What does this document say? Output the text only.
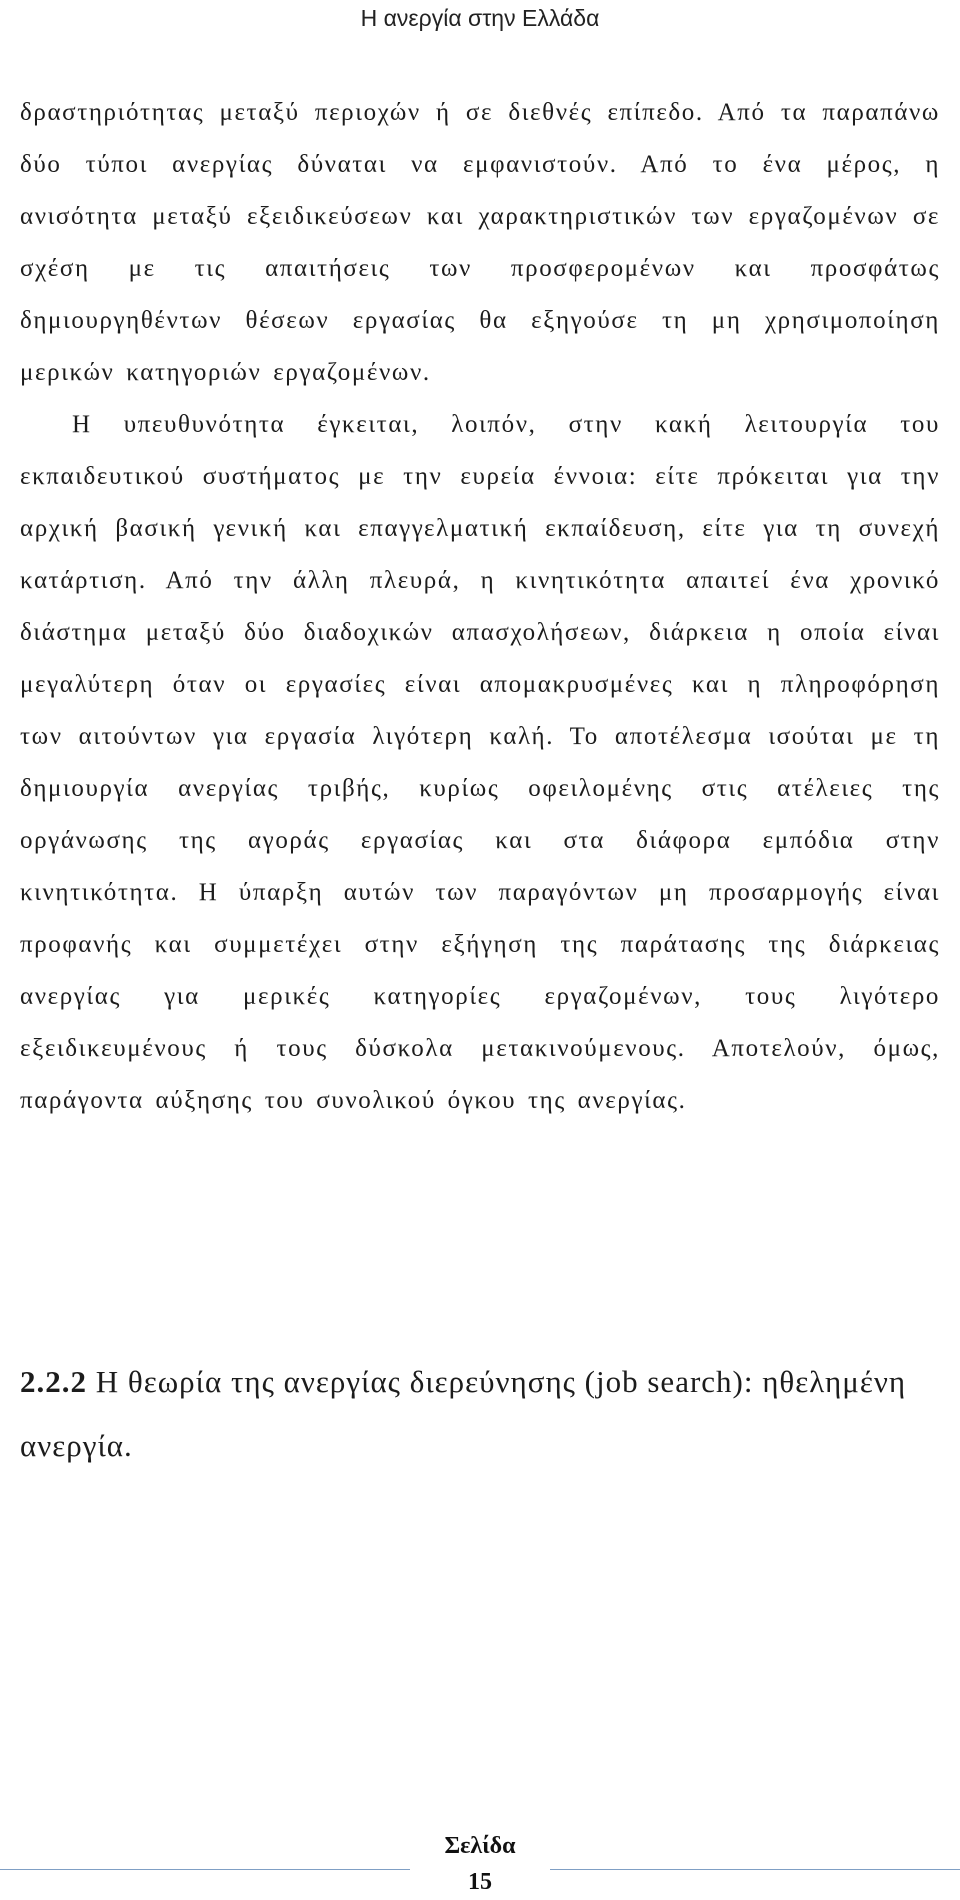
Η ανεργία στην Ελλάδα

δραστηριότητας μεταξύ περιοχών ή σε διεθνές επίπεδο. Από τα παραπάνω δύο τύποι ανεργίας δύναται να εμφανιστούν. Από το ένα μέρος, η ανισότητα μεταξύ εξειδικεύσεων και χαρακτηριστικών των εργαζομένων σε σχέση με τις απαιτήσεις των προσφερομένων και προσφάτως δημιουργηθέντων θέσεων εργασίας θα εξηγούσε τη μη χρησιμοποίηση μερικών κατηγοριών εργαζομένων.

Η υπευθυνότητα έγκειται, λοιπόν, στην κακή λειτουργία του εκπαιδευτικού συστήματος με την ευρεία έννοια: είτε πρόκειται για την αρχική βασική γενική και επαγγελματική εκπαίδευση, είτε για τη συνεχή κατάρτιση. Από την άλλη πλευρά, η κινητικότητα απαιτεί ένα χρονικό διάστημα μεταξύ δύο διαδοχικών απασχολήσεων, διάρκεια η οποία είναι μεγαλύτερη όταν οι εργασίες είναι απομακρυσμένες και η πληροφόρηση των αιτούντων για εργασία λιγότερη καλή. Το αποτέλεσμα ισούται με τη δημιουργία ανεργίας τριβής, κυρίως οφειλομένης στις ατέλειες της οργάνωσης της αγοράς εργασίας και στα διάφορα εμπόδια στην κινητικότητα. Η ύπαρξη αυτών των παραγόντων μη προσαρμογής είναι προφανής και συμμετέχει στην εξήγηση της παράτασης της διάρκειας ανεργίας για μερικές κατηγορίες εργαζομένων, τους λιγότερο εξειδικευμένους ή τους δύσκολα μετακινούμενους. Αποτελούν, όμως, παράγοντα αύξησης του συνολικού όγκου της ανεργίας.

2.2.2 Η θεωρία της ανεργίας διερεύνησης (job search): ηθελημένη ανεργία.
Σελίδα
15
